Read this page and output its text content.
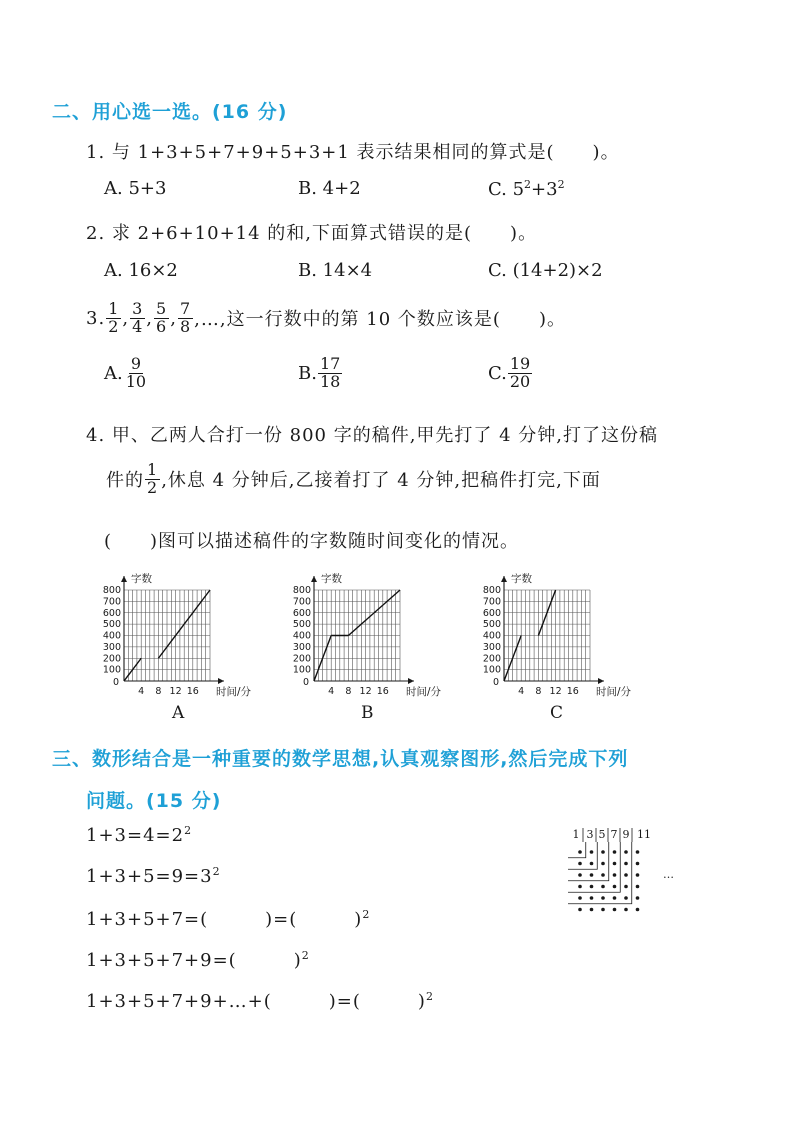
二、用心选一选。(16 分)
1. 与 1+3+5+7+9+5+3+1 表示结果相同的算式是(　　)。
A. 5+3	B. 4+2	C. $5^2+3^2$
2. 求 2+6+10+14 的和,下面算式错误的是(　　)。
A. 16×2	B. 14×4	C. (14+2)×2
3. $\frac{1}{2}$ , $\frac{3}{4}$ , $\frac{5}{6}$ , $\frac{7}{8}$ ,…,这一行数中的第 10 个数应该是(　　)。
A. $\frac{9}{10}$	B. $\frac{17}{18}$	C. $\frac{19}{20}$
4. 甲、乙两人合打一份 800 字的稿件,甲先打了 4 分钟,打了这份稿
件的 $\frac{1}{2}$ ,休息 4 分钟后,乙接着打了 4 分钟,把稿件打完,下面
(　　)图可以描述稿件的字数随时间变化的情况。
100
200
300
400
500
600
700
800
0
4 8 12 16
字数
时间/分
A
100
200
300
400
500
600
700
800
0
4 8 12 16
字数
时间/分
B
100
200
300
400
500
600
700
800
0
4 8 12 16
字数
时间/分
C
三、数形结合是一种重要的数学思想,认真观察图形,然后完成下列
问题。(15 分)
$1+3=4=2^2$
$1+3+5=9=3^2$
1+3+5+7=(　　　)=(　　　)$^2$
1+3+5+7+9=(　　　)$^2$
1+3+5+7+9+…+(　　　)=(　　　)$^2$
1 3 5 7 9 11
…
